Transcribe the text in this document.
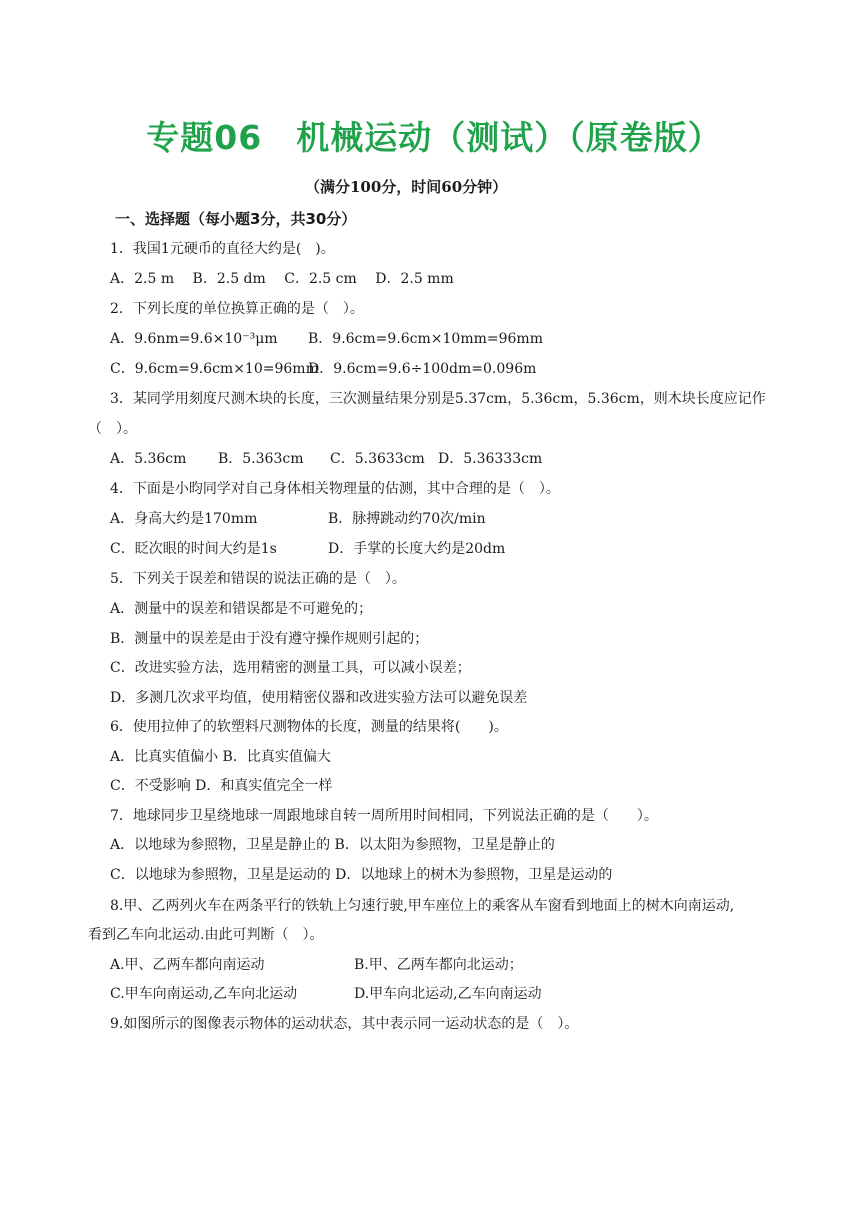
专题06　机械运动（测试）（原卷版）
（满分100分，时间60分钟）
一、选择题（每小题3分，共30分）
1．我国1元硬币的直径大约是(　)。
A．2.5 m　 B．2.5 dm　 C．2.5 cm　 D．2.5 mm
2．下列长度的单位换算正确的是（　）。
A．9.6nm=9.6×10⁻³μm B．9.6cm=9.6cm×10mm=96mm
C．9.6cm=9.6cm×10=96mm
D．9.6cm=9.6÷100dm=0.096m
3．某同学用刻度尺测木块的长度，三次测量结果分别是5.37cm，5.36cm，5.36cm，则木块长度应记作
（　）。
A．5.36cm B．5.363cm C．5.3633cm D．5.36333cm
4．下面是小昀同学对自己身体相关物理量的估测，其中合理的是（　）。
A．身高大约是170mm	B．脉搏跳动约70次/min
C．眨次眼的时间大约是1s	D．手掌的长度大约是20dm
5．下列关于误差和错误的说法正确的是（　）。
A．测量中的误差和错误都是不可避免的；
B．测量中的误差是由于没有遵守操作规则引起的；
C．改进实验方法，选用精密的测量工具，可以减小误差；
D．多测几次求平均值，使用精密仪器和改进实验方法可以避免误差
6．使用拉伸了的软塑料尺测物体的长度，测量的结果将(　　)。
A．比真实值偏小 B．比真实值偏大
C．不受影响 D．和真实值完全一样
7．地球同步卫星绕地球一周跟地球自转一周所用时间相同，下列说法正确的是（　　）。
A．以地球为参照物，卫星是静止的 B．以太阳为参照物，卫星是静止的
C．以地球为参照物，卫星是运动的 D．以地球上的树木为参照物，卫星是运动的
8.甲、乙两列火车在两条平行的铁轨上匀速行驶,甲车座位上的乘客从车窗看到地面上的树木向南运动,
看到乙车向北运动.由此可判断（　）。
A.甲、乙两车都向南运动	B.甲、乙两车都向北运动；
C.甲车向南运动,乙车向北运动	D.甲车向北运动,乙车向南运动
9.如图所示的图像表示物体的运动状态，其中表示同一运动状态的是（　）。
